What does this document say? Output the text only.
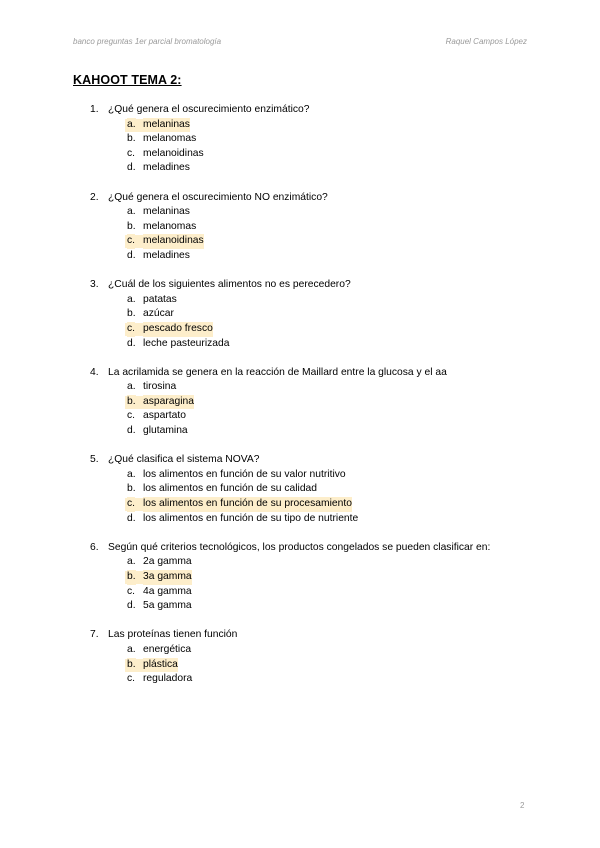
banco preguntas 1er parcial bromatología	Raquel Campos López
KAHOOT TEMA 2:
1. ¿Qué genera el oscurecimiento enzimático?
a. melaninas
b. melanomas
c. melanoidinas
d. meladines
2. ¿Qué genera el oscurecimiento NO enzimático?
a. melaninas
b. melanomas
c. melanoidinas
d. meladines
3. ¿Cuál de los siguientes alimentos no es perecedero?
a. patatas
b. azúcar
c. pescado fresco
d. leche pasteurizada
4. La acrilamida se genera en la reacción de Maillard entre la glucosa y el aa
a. tirosina
b. asparagina
c. aspartato
d. glutamina
5. ¿Qué clasifica el sistema NOVA?
a. los alimentos en función de su valor nutritivo
b. los alimentos en función de su calidad
c. los alimentos en función de su procesamiento
d. los alimentos en función de su tipo de nutriente
6. Según qué criterios tecnológicos, los productos congelados se pueden clasificar en:
a. 2a gamma
b. 3a gamma
c. 4a gamma
d. 5a gamma
7. Las proteínas tienen función
a. energética
b. plástica
c. reguladora
2
